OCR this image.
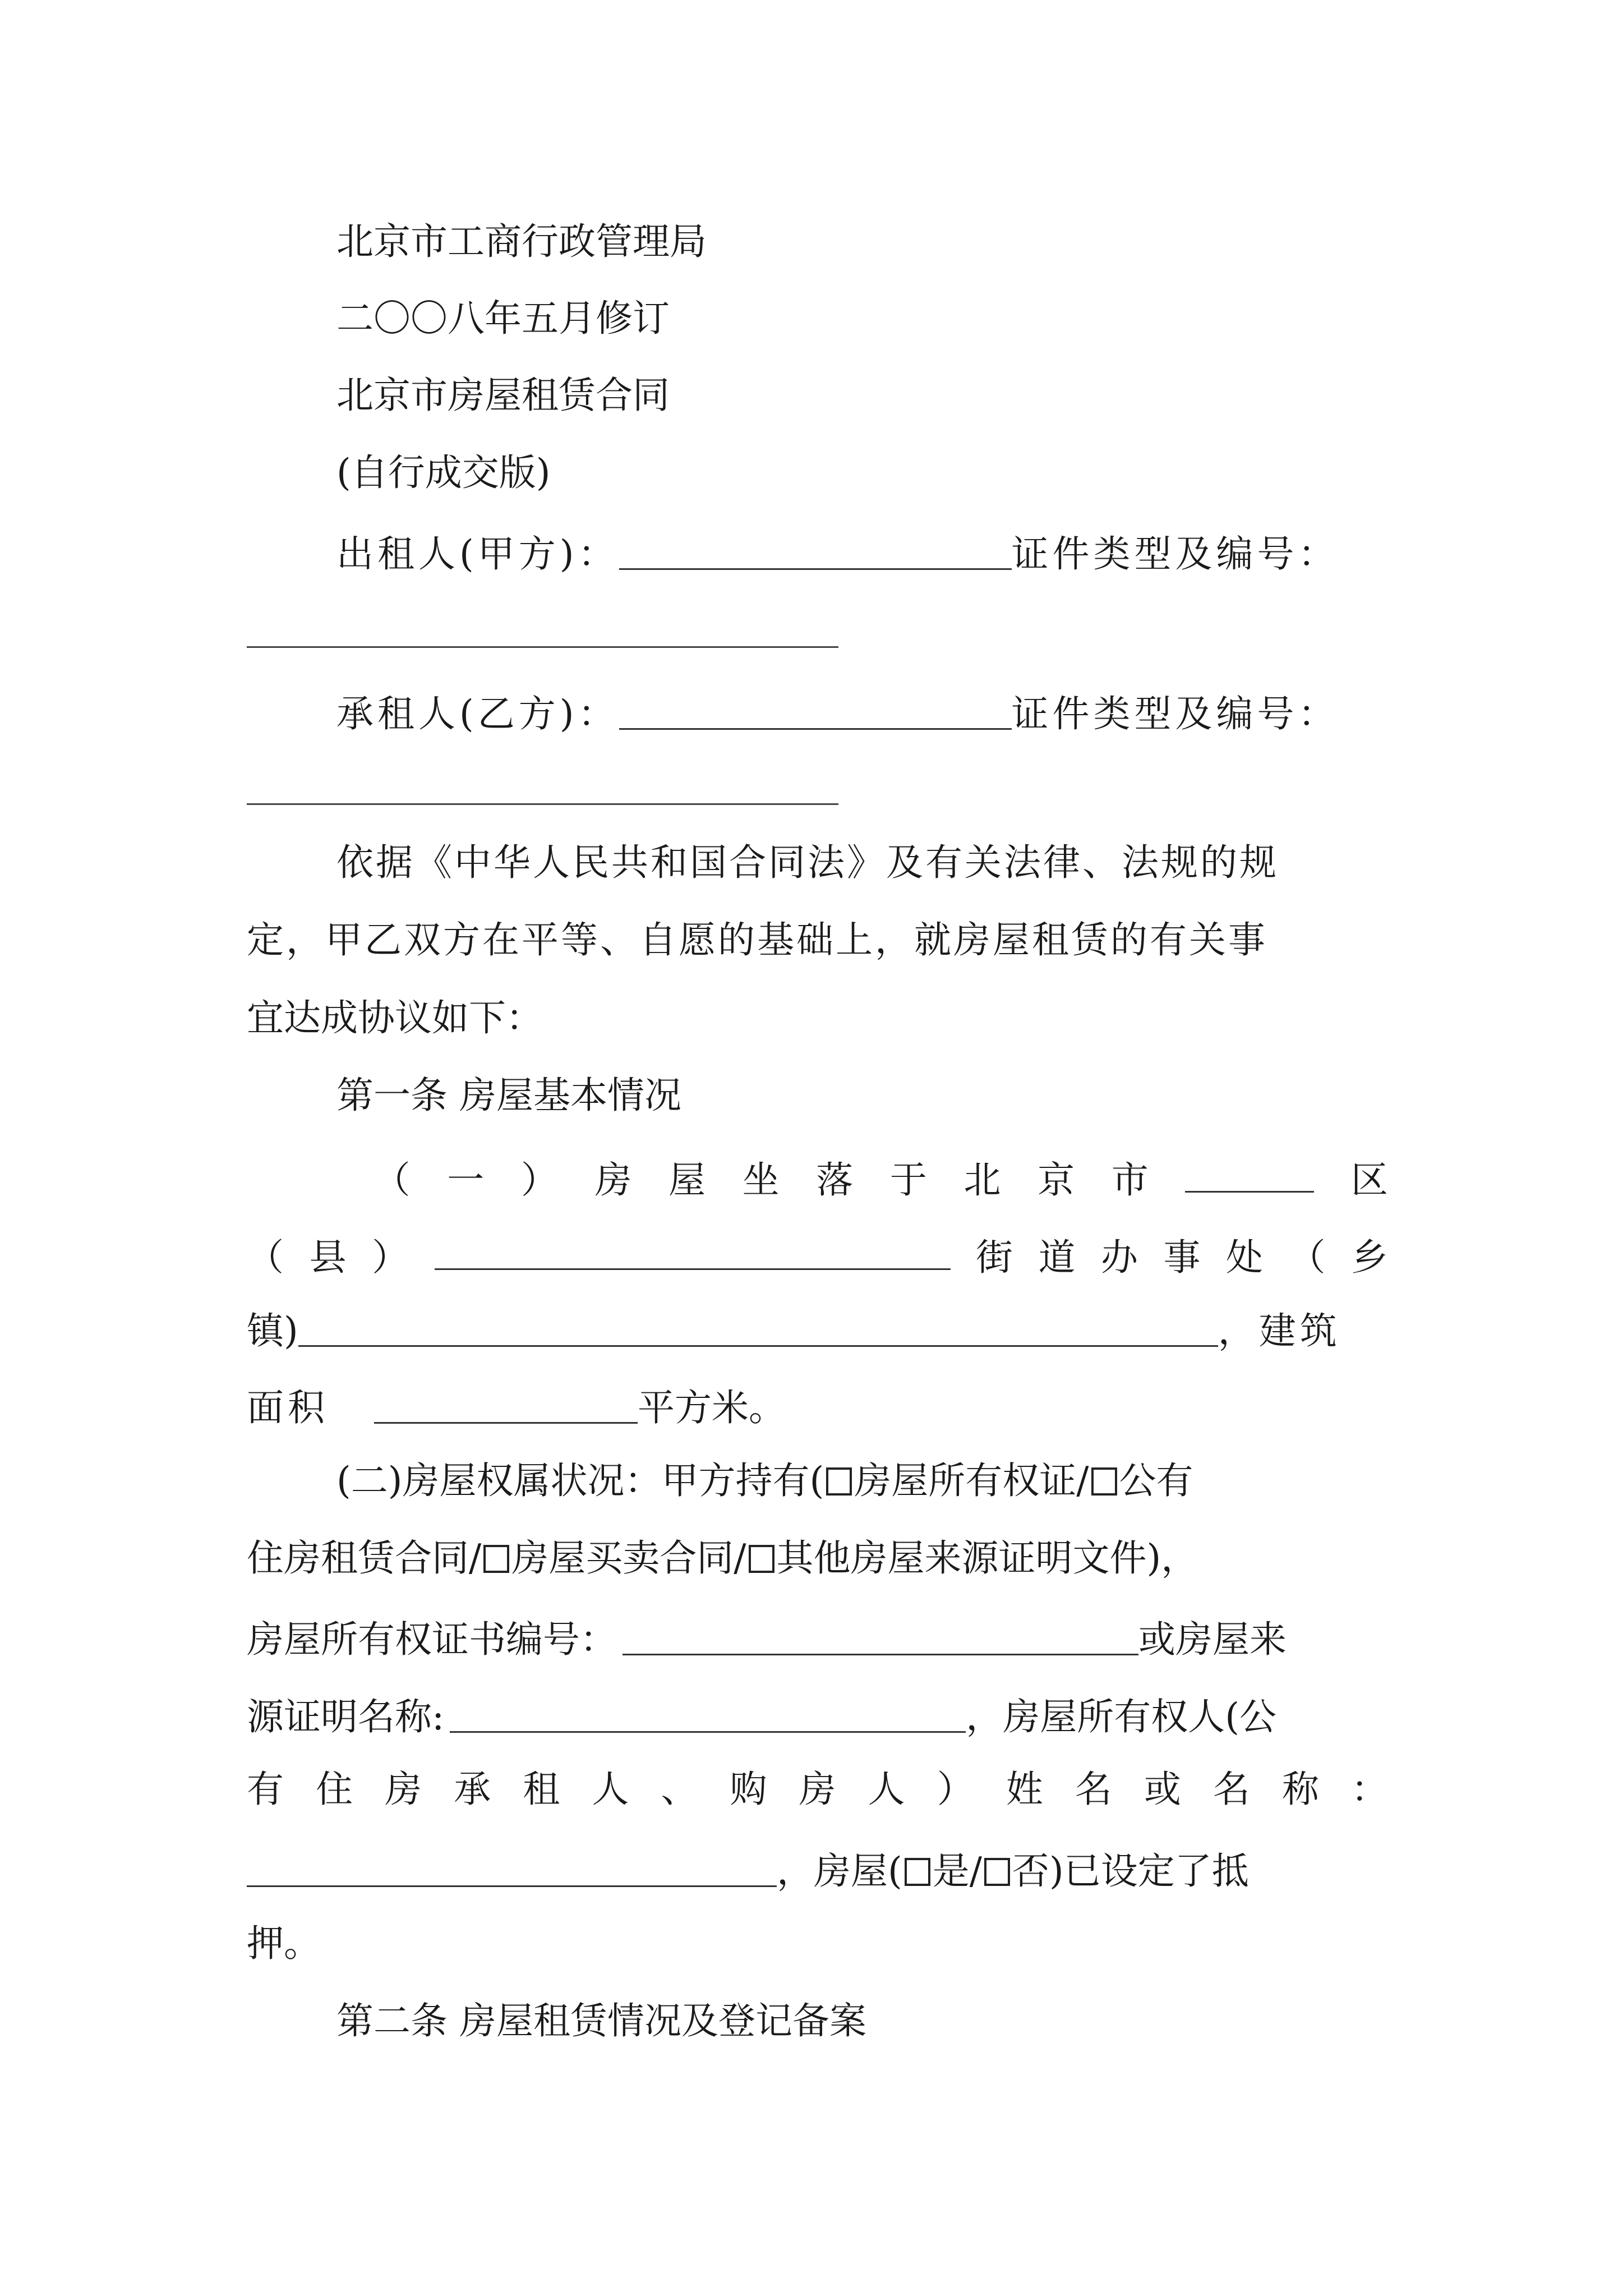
北京市工商行政管理局
二〇〇八年五月修订
北京市房屋租赁合同
(自行成交版)
出租人(甲方)：	证件类型及编号：
承租人(乙方)：	证件类型及编号：
依据《中华人民共和国合同法》及有关法律、法规的规
定，甲乙双方在平等、自愿的基础上，就房屋租赁的有关事
宜达成协议如下：
第一条 房屋基本情况
（ 一 ） 房 屋 坐 落 于 北 京 市	区
（ 县 ）	街 道 办 事 处 （ 乡
镇)	，建筑
面积	平方米。
(二)房屋权属状况：甲方持有( 房屋所有权证/ 公有
住房租赁合同/ 房屋买卖合同/ 其他房屋来源证明文件)，
房屋所有权证书编号：	或房屋来
源证明名称:	，房屋所有权人(公
有 住 房 承 租 人 、 购 房 人 ） 姓 名 或 名 称 ：
，房屋( 是/ 否)已设定了抵
押。
第二条 房屋租赁情况及登记备案
